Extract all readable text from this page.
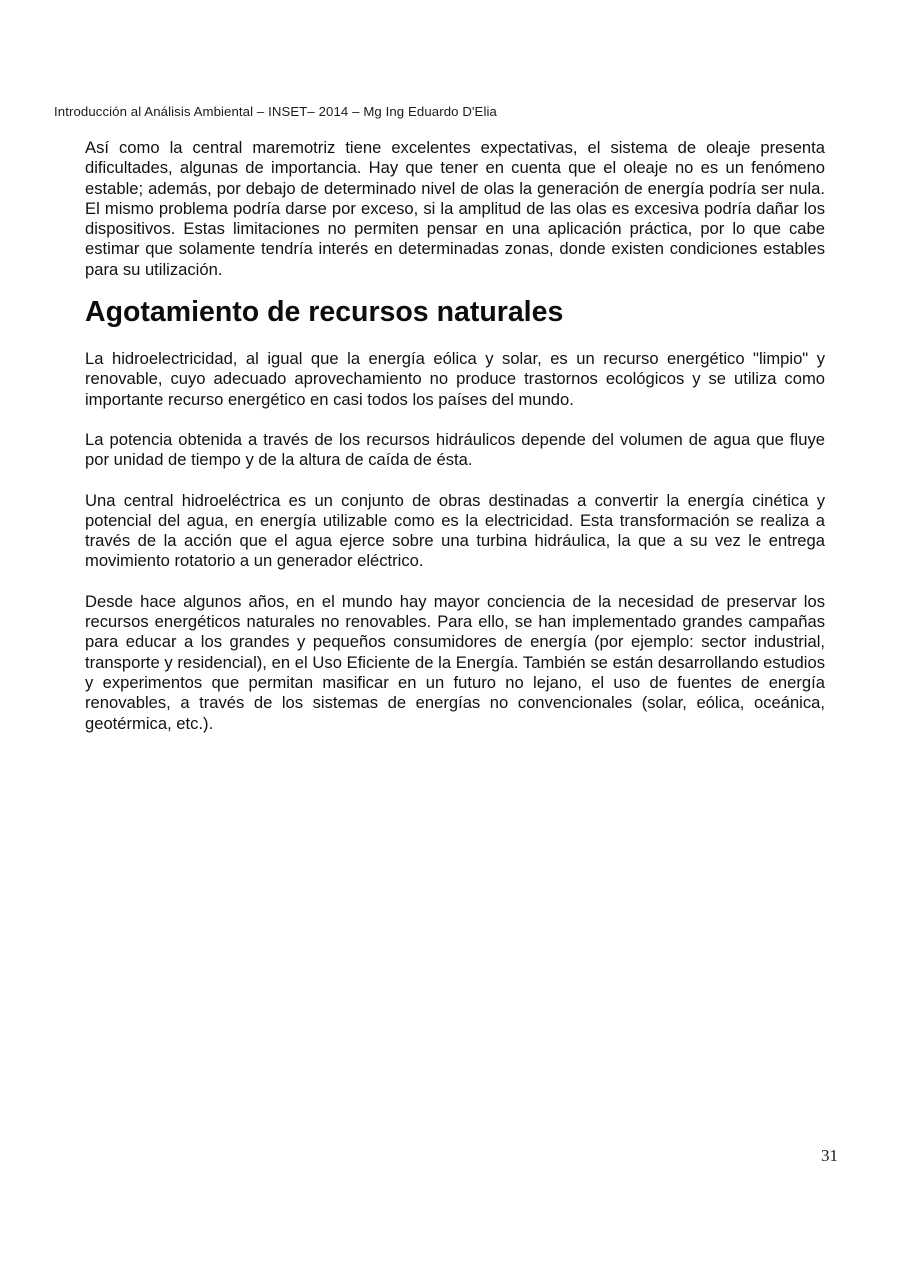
Introducción al Análisis Ambiental – INSET– 2014 – Mg Ing Eduardo D'Elia

Así como la central maremotriz tiene excelentes expectativas, el sistema de oleaje presenta dificultades, algunas de importancia. Hay que tener en cuenta que el oleaje no es un fenómeno estable; además, por debajo de determinado nivel de olas la generación de energía podría ser nula. El mismo problema podría darse por exceso, si la amplitud de las olas es excesiva podría dañar los dispositivos. Estas limitaciones no permiten pensar en una aplicación práctica, por lo que cabe estimar que solamente tendría interés en determinadas zonas, donde existen condiciones estables para su utilización.

Agotamiento de recursos naturales

La hidroelectricidad, al igual que la energía eólica y solar, es un recurso energético "limpio" y renovable, cuyo adecuado aprovechamiento no produce trastornos ecológicos y se utiliza como importante recurso energético en casi todos los países del mundo.

La potencia obtenida a través de los recursos hidráulicos depende del volumen de agua que fluye por unidad de tiempo y de la altura de caída de ésta.

Una central hidroeléctrica es un conjunto de obras destinadas a convertir la energía cinética y potencial del agua, en energía utilizable como es la electricidad. Esta transformación se realiza a través de la acción que el agua ejerce sobre una turbina hidráulica, la que a su vez le entrega movimiento rotatorio a un generador eléctrico.

Desde hace algunos años, en el mundo hay mayor conciencia de la necesidad de preservar los recursos energéticos naturales no renovables. Para ello, se han implementado grandes campañas para educar a los grandes y pequeños consumidores de energía (por ejemplo: sector industrial, transporte y residencial), en el Uso Eficiente de la Energía. También se están desarrollando estudios y experimentos que permitan masificar en un futuro no lejano, el uso de fuentes de energía renovables, a través de los sistemas de energías no convencionales (solar, eólica, oceánica, geotérmica, etc.).

31
